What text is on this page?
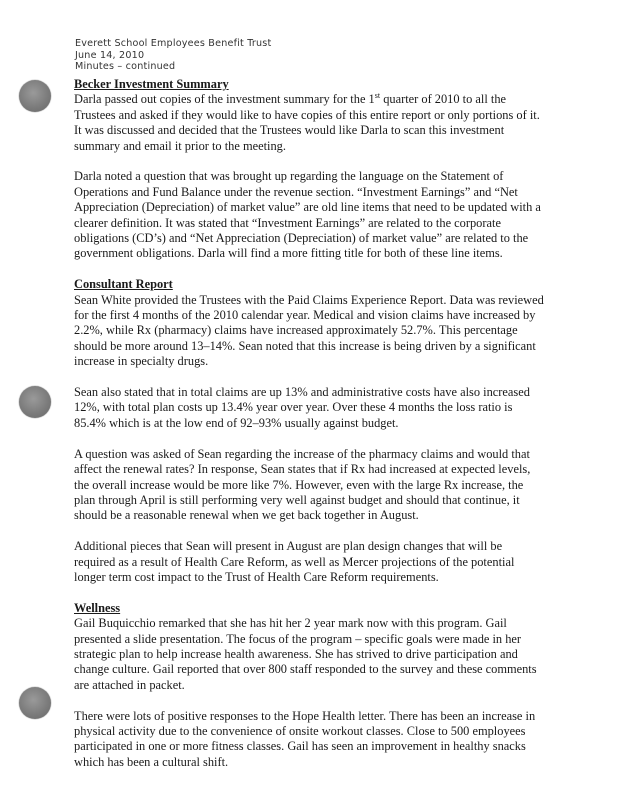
Everett School Employees Benefit Trust
June 14, 2010
Minutes – continued
Becker Investment Summary

Darla passed out copies of the investment summary for the 1st quarter of 2010 to all the Trustees and asked if they would like to have copies of this entire report or only portions of it. It was discussed and decided that the Trustees would like Darla to scan this investment summary and email it prior to the meeting.

Darla noted a question that was brought up regarding the language on the Statement of Operations and Fund Balance under the revenue section. “Investment Earnings” and “Net Appreciation (Depreciation) of market value” are old line items that need to be updated with a clearer definition. It was stated that “Investment Earnings” are related to the corporate obligations (CD’s) and “Net Appreciation (Depreciation) of market value” are related to the government obligations. Darla will find a more fitting title for both of these line items.

Consultant Report

Sean White provided the Trustees with the Paid Claims Experience Report. Data was reviewed for the first 4 months of the 2010 calendar year. Medical and vision claims have increased by 2.2%, while Rx (pharmacy) claims have increased approximately 52.7%. This percentage should be more around 13–14%. Sean noted that this increase is being driven by a significant increase in specialty drugs.

Sean also stated that in total claims are up 13% and administrative costs have also increased 12%, with total plan costs up 13.4% year over year. Over these 4 months the loss ratio is 85.4% which is at the low end of 92–93% usually against budget.

A question was asked of Sean regarding the increase of the pharmacy claims and would that affect the renewal rates? In response, Sean states that if Rx had increased at expected levels, the overall increase would be more like 7%. However, even with the large Rx increase, the plan through April is still performing very well against budget and should that continue, it should be a reasonable renewal when we get back together in August.

Additional pieces that Sean will present in August are plan design changes that will be required as a result of Health Care Reform, as well as Mercer projections of the potential longer term cost impact to the Trust of Health Care Reform requirements.

Wellness

Gail Buquicchio remarked that she has hit her 2 year mark now with this program. Gail presented a slide presentation. The focus of the program – specific goals were made in her strategic plan to help increase health awareness. She has strived to drive participation and change culture. Gail reported that over 800 staff responded to the survey and these comments are attached in packet.

There were lots of positive responses to the Hope Health letter. There has been an increase in physical activity due to the convenience of onsite workout classes. Close to 500 employees participated in one or more fitness classes. Gail has seen an improvement in healthy snacks which has been a cultural shift.
